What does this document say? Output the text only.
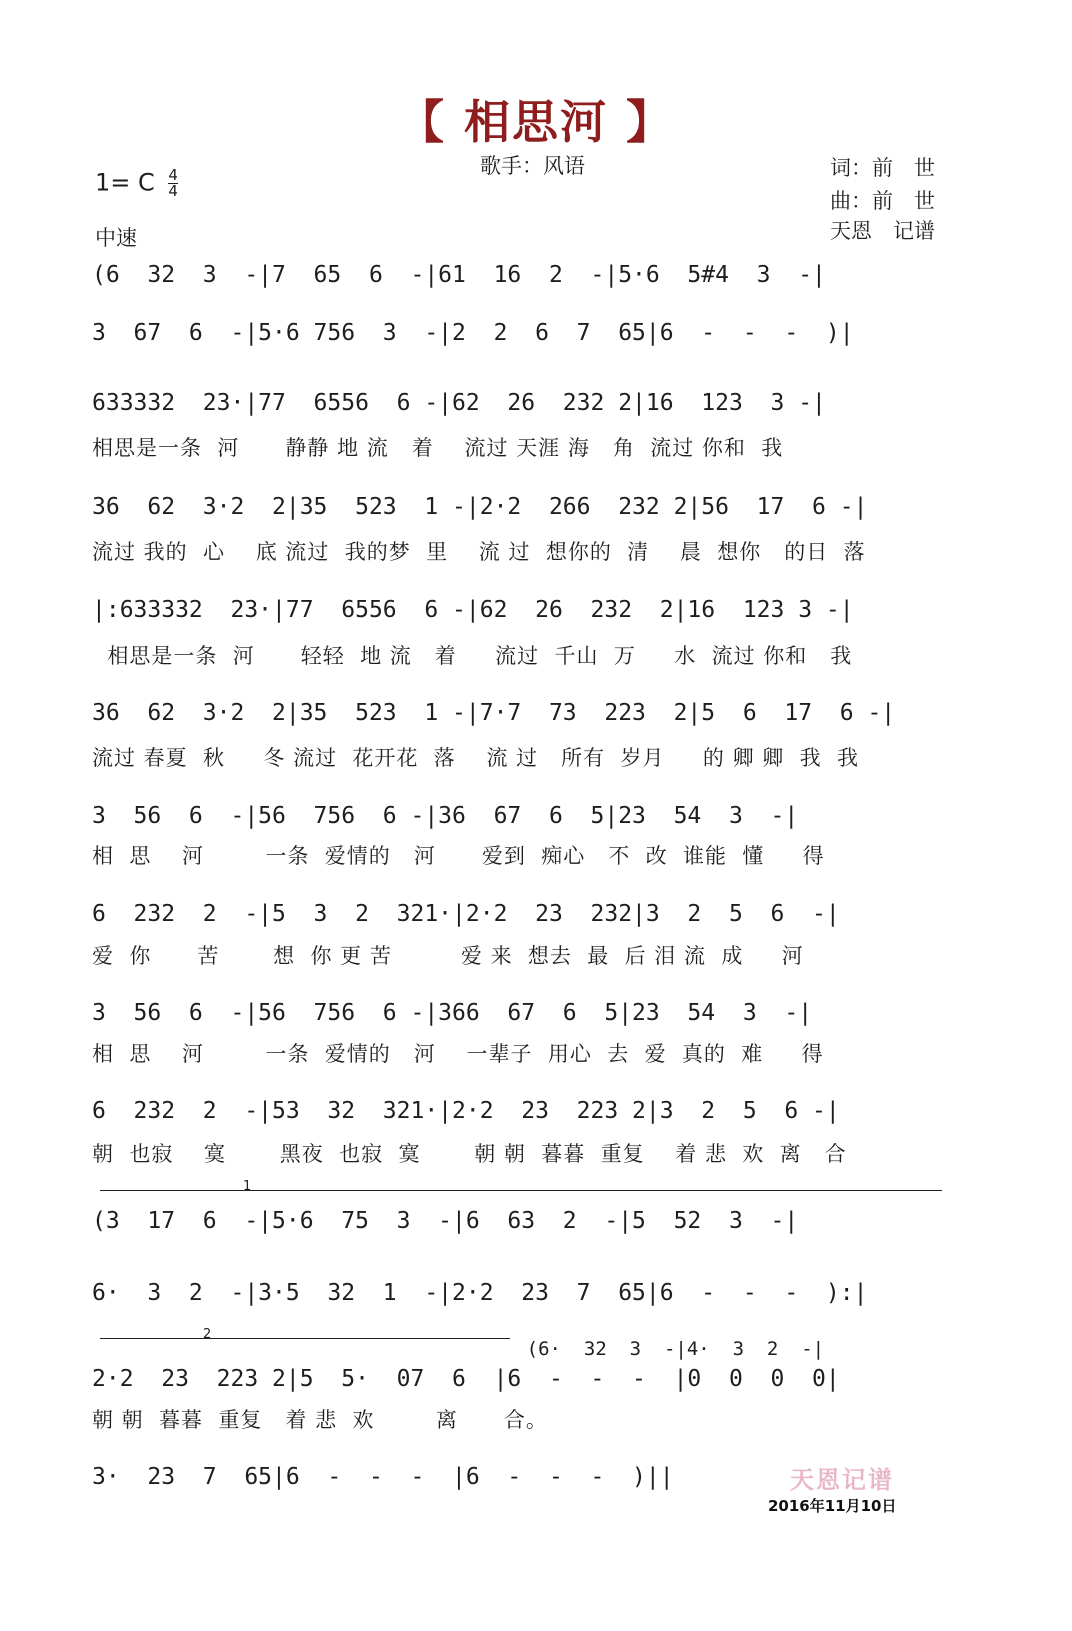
【 相思河 】
歌手：风语
1= C $\frac{4}{4}$
中速
词：前　世
曲：前　世
天恩　记谱
(6  32  3  -|7  65  6  -|61  16  2  -|5·6  5#4  3  -|
3  67  6  -|5·6 756  3  -|2  2  6  7  65|6  -  -  -  )|
633332  23·|77  6556  6 -|62  26  232 2|16  123  3 -|
相思是一条  河      静静 地 流   着    流过 天涯 海   角  流过 你和  我
36  62  3·2  2|35  523  1 -|2·2  266  232 2|56  17  6 -|
流过 我的  心    底 流过  我的梦  里    流 过  想你的  清    晨  想你   的日  落
|:633332  23·|77  6556  6 -|62  26  232  2|16  123 3 -|
相思是一条  河      轻轻  地 流   着     流过  千山  万     水  流过 你和   我
36  62  3·2  2|35  523  1 -|7·7  73  223  2|5  6  17  6 -|
流过 春夏  秋     冬 流过  花开花  落    流 过   所有  岁月     的 卿 卿  我  我
3  56  6  -|56  756  6 -|36  67  6  5|23  54  3  -|
相  思    河        一条  爱情的   河      爱到  痴心   不  改  谁能  懂     得
6  232  2  -|5  3  2  321·|2·2  23  232|3  2  5  6  -|
爱  你      苦       想  你 更 苦         爱 来  想去  最  后 泪 流  成     河
3  56  6  -|56  756  6 -|366  67  6  5|23  54  3  -|
相  思    河        一条  爱情的   河    一辈子  用心  去  爱  真的  难     得
6  232  2  -|53  32  321·|2·2  23  223 2|3  2  5  6 -|
朝  也寂    寞       黑夜  也寂  寞       朝 朝  暮暮  重复    着 悲  欢  离   合
1
(3  17  6  -|5·6  75  3  -|6  63  2  -|5  52  3  -|
6·  3  2  -|3·5  32  1  -|2·2  23  7  65|6  -  -  -  ):|
2
(6·  32  3  -|4·  3  2  -|
2·2  23  223 2|5  5·  07  6  |6  -  -  -  |0  0  0  0|
朝 朝  暮暮  重复   着 悲  欢        离      合。
3·  23  7  65|6  -  -  -  |6  -  -  -  )||	天恩记谱
2016年11月10日
